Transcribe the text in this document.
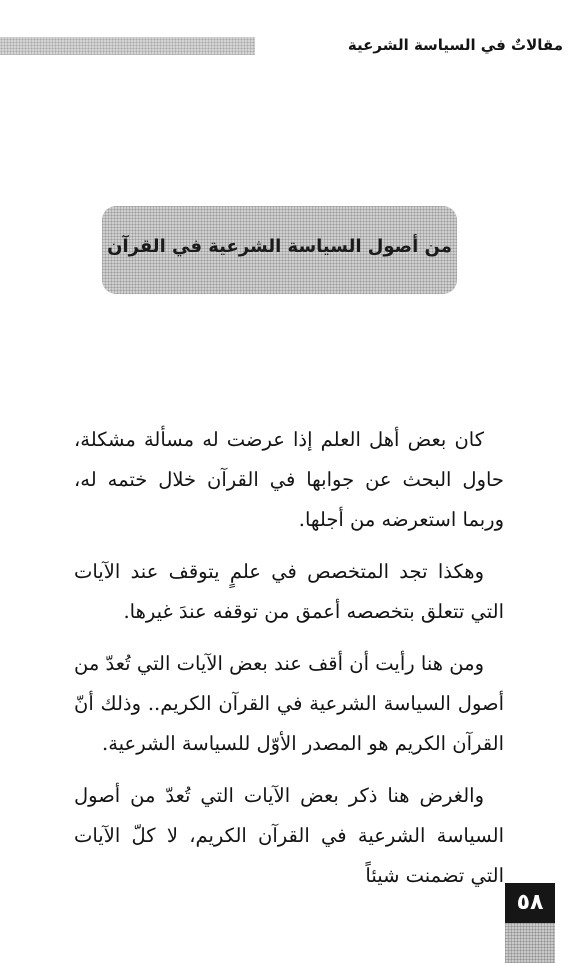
مقالاتٌ في السياسة الشرعية
من أصول السياسة الشرعية في القرآن

كان بعض أهل العلم إذا عرضت له مسألة مشكلة، حاول البحث عن جوابها في القرآن خلال ختمه له، وربما استعرضه من أجلها.

وهكذا تجد المتخصص في علمٍ يتوقف عند الآيات التي تتعلق بتخصصه أعمق من توقفه عندَ غيرها.

ومن هنا رأيت أن أقف عند بعض الآيات التي تُعدّ من أصول السياسة الشرعية في القرآن الكريم.. وذلك أنّ القرآن الكريم هو المصدر الأوّل للسياسة الشرعية.

والغرض هنا ذكر بعض الآيات التي تُعدّ من أصول السياسة الشرعية في القرآن الكريم، لا كلّ الآيات التي تضمنت شيئاً

٥٨
